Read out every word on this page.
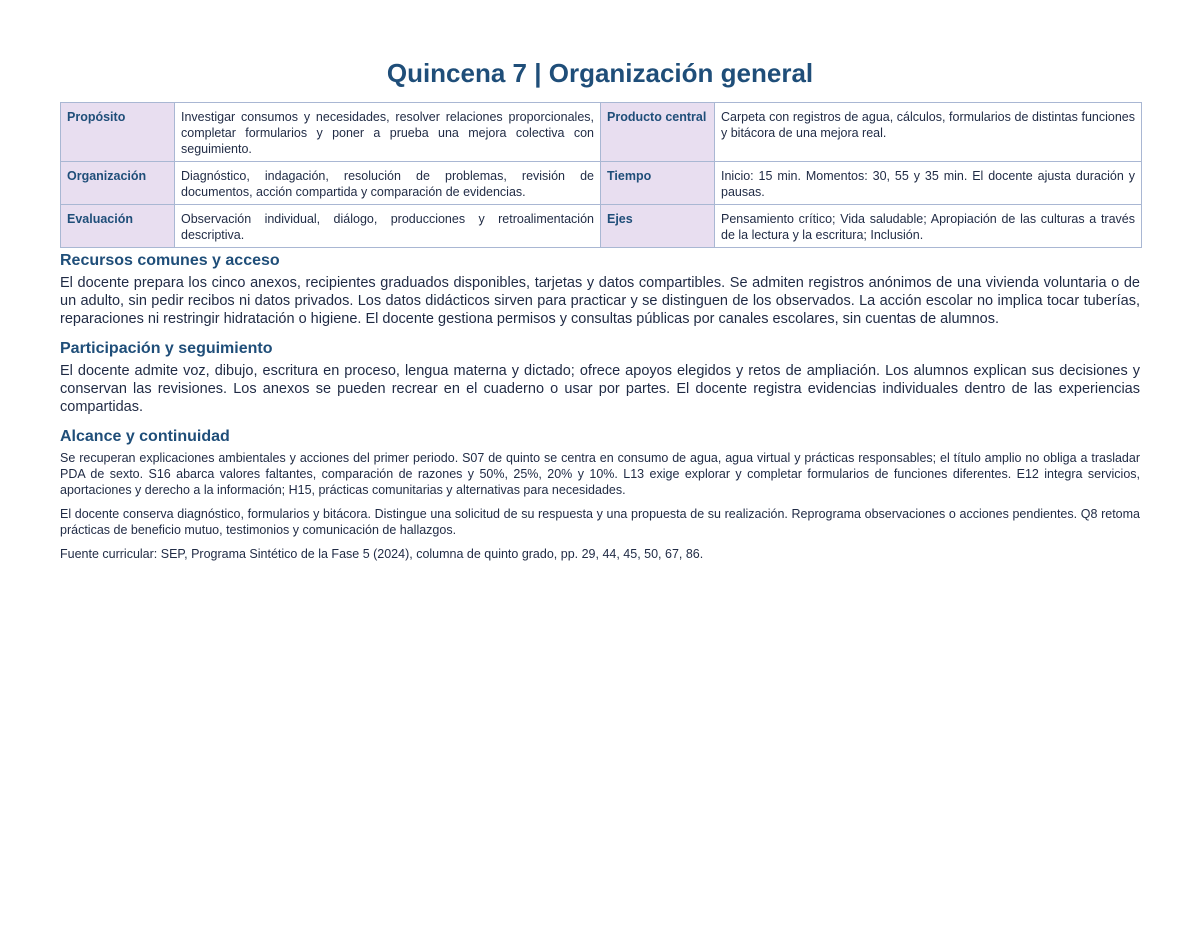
Quincena 7 | Organización general
Propósito	Investigar consumos y necesidades, resolver relaciones proporcionales, completar formularios y poner a prueba una mejora colectiva con seguimiento.	Producto central	Carpeta con registros de agua, cálculos, formularios de distintas funciones y bitácora de una mejora real.
Organización	Diagnóstico, indagación, resolución de problemas, revisión de documentos, acción compartida y comparación de evidencias.	Tiempo	Inicio: 15 min. Momentos: 30, 55 y 35 min. El docente ajusta duración y pausas.
Evaluación	Observación individual, diálogo, producciones y retroalimentación descriptiva.	Ejes	Pensamiento crítico; Vida saludable; Apropiación de las culturas a través de la lectura y la escritura; Inclusión.
Recursos comunes y acceso

El docente prepara los cinco anexos, recipientes graduados disponibles, tarjetas y datos compartibles. Se admiten registros anónimos de una vivienda voluntaria o de un adulto, sin pedir recibos ni datos privados. Los datos didácticos sirven para practicar y se distinguen de los observados. La acción escolar no implica tocar tuberías, reparaciones ni restringir hidratación o higiene. El docente gestiona permisos y consultas públicas por canales escolares, sin cuentas de alumnos.

Participación y seguimiento

El docente admite voz, dibujo, escritura en proceso, lengua materna y dictado; ofrece apoyos elegidos y retos de ampliación. Los alumnos explican sus decisiones y conservan las revisiones. Los anexos se pueden recrear en el cuaderno o usar por partes. El docente registra evidencias individuales dentro de las experiencias compartidas.

Alcance y continuidad

Se recuperan explicaciones ambientales y acciones del primer periodo. S07 de quinto se centra en consumo de agua, agua virtual y prácticas responsables; el título amplio no obliga a trasladar PDA de sexto. S16 abarca valores faltantes, comparación de razones y 50%, 25%, 20% y 10%. L13 exige explorar y completar formularios de funciones diferentes. E12 integra servicios, aportaciones y derecho a la información; H15, prácticas comunitarias y alternativas para necesidades.

El docente conserva diagnóstico, formularios y bitácora. Distingue una solicitud de su respuesta y una propuesta de su realización. Reprograma observaciones o acciones pendientes. Q8 retoma prácticas de beneficio mutuo, testimonios y comunicación de hallazgos.

Fuente curricular: SEP, Programa Sintético de la Fase 5 (2024), columna de quinto grado, pp. 29, 44, 45, 50, 67, 86.
